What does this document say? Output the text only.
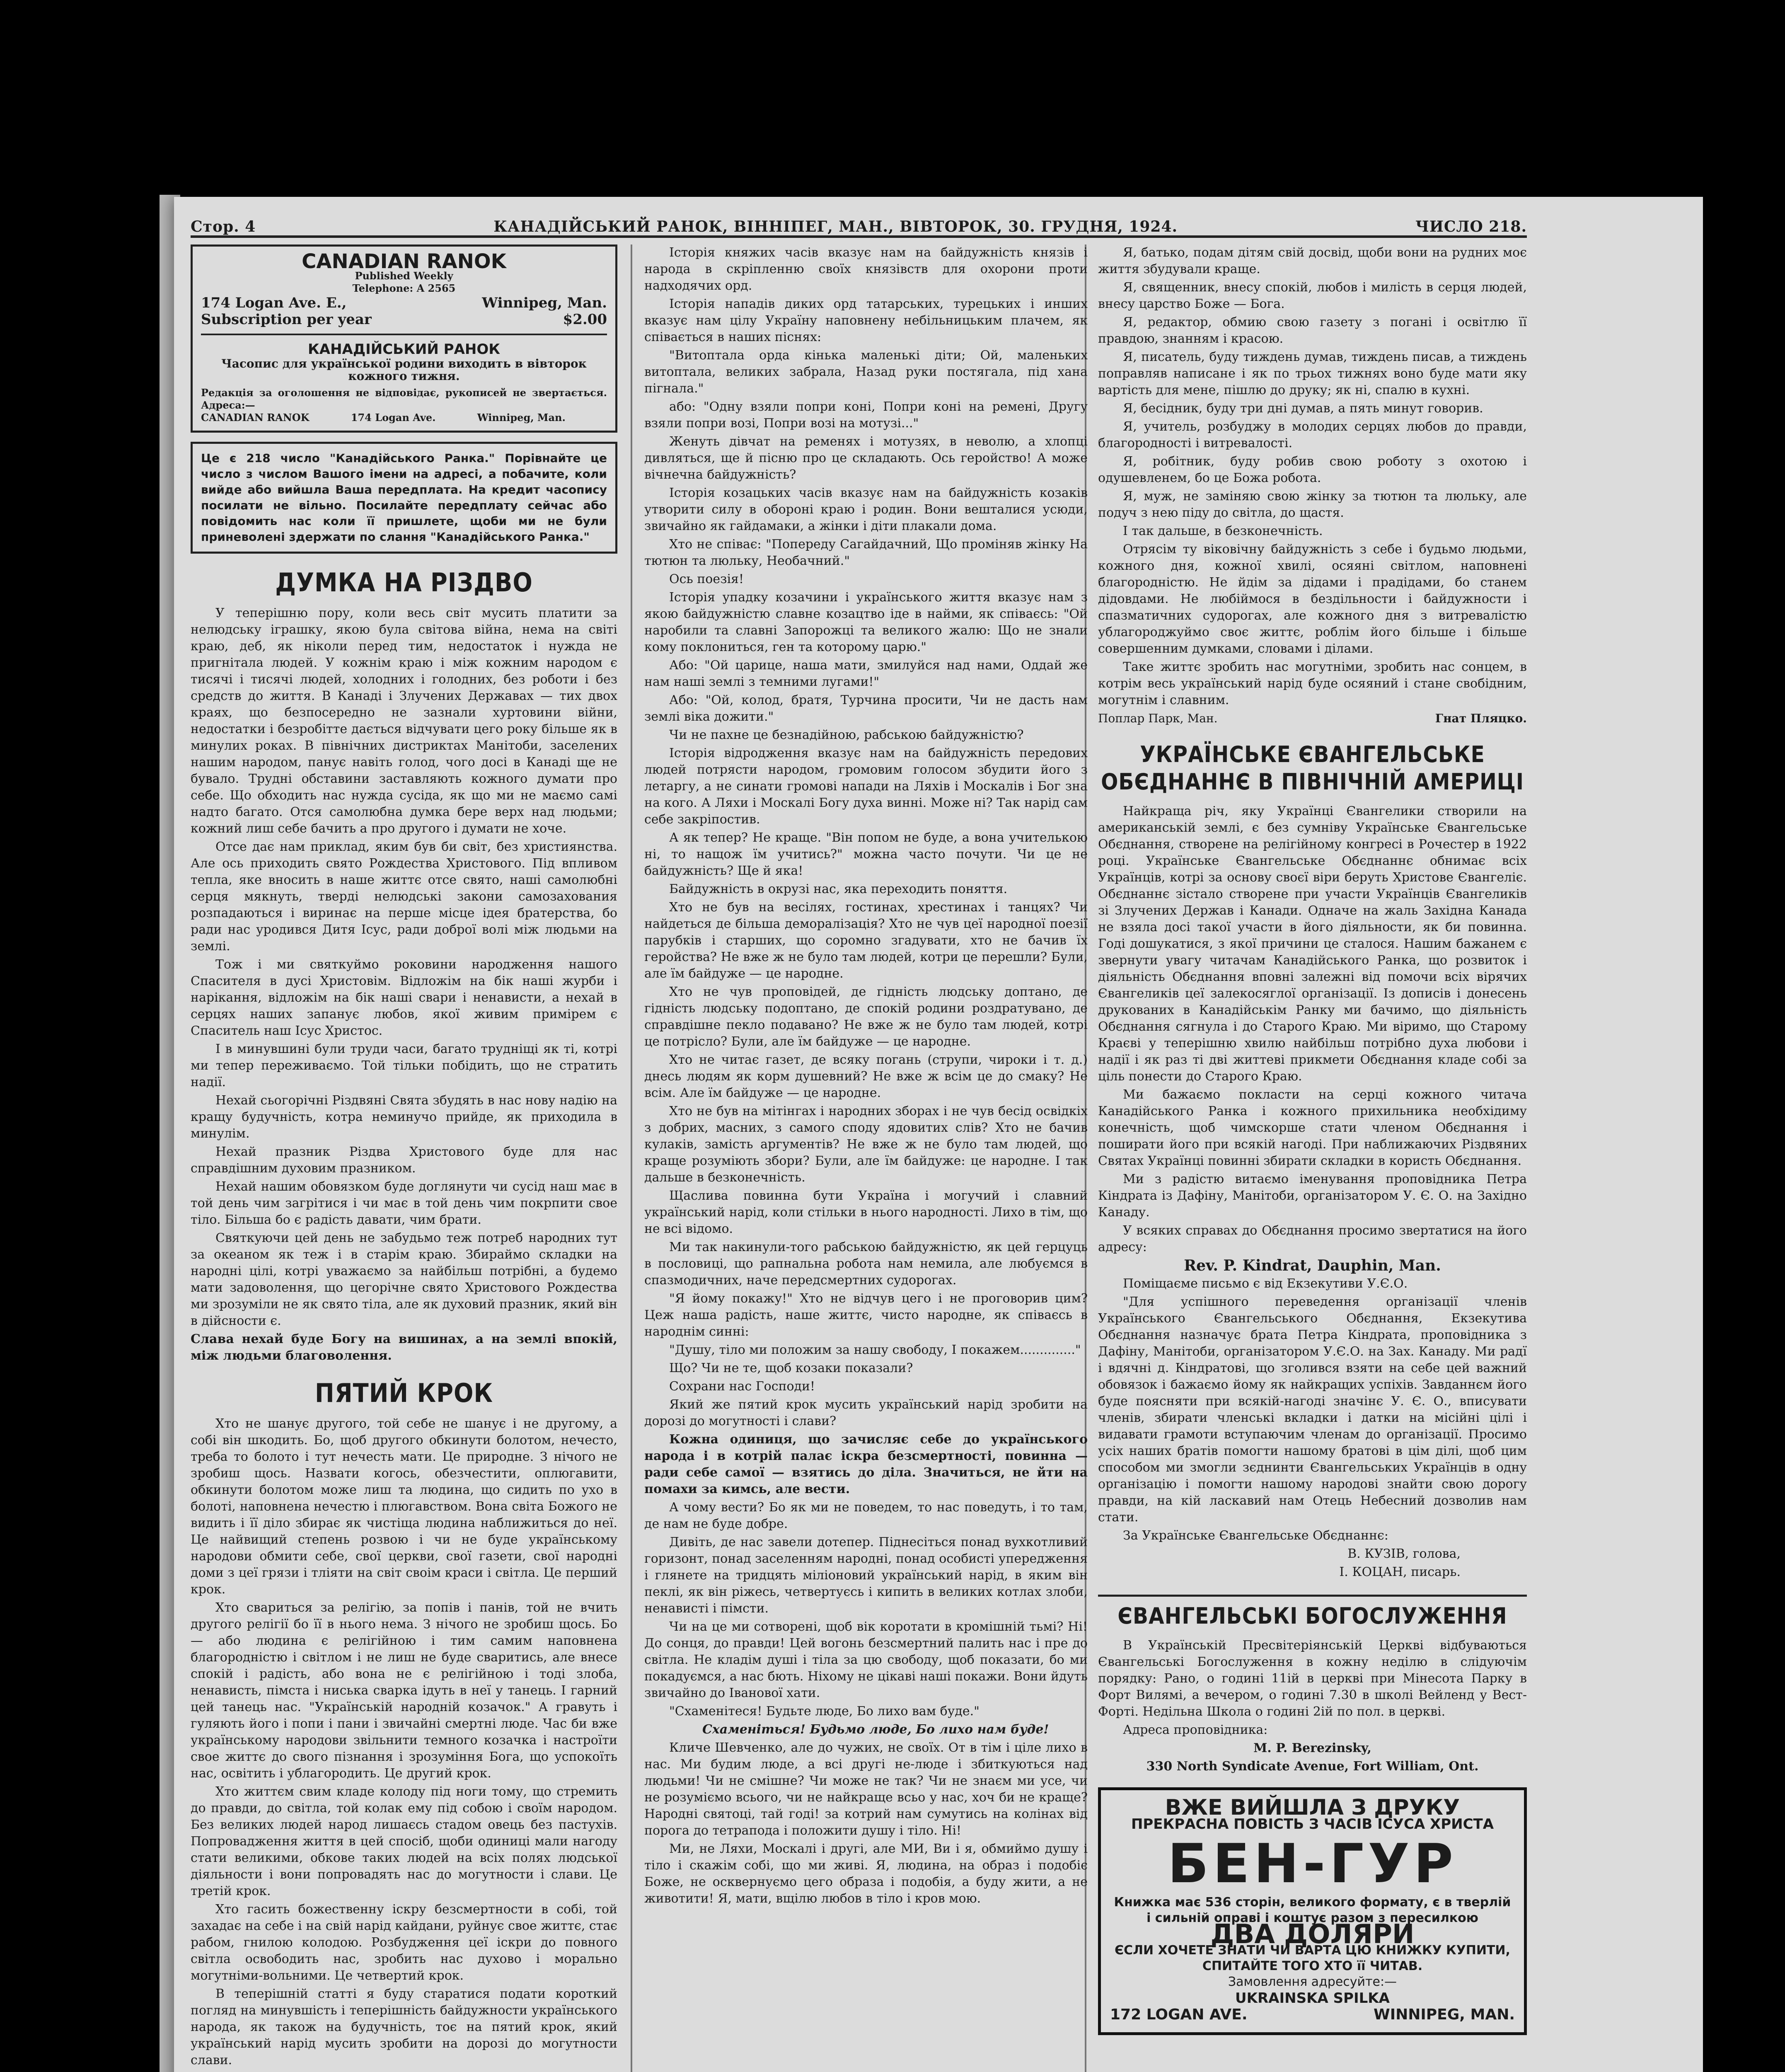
Стор. 4	КАНАДІЙСЬКИЙ РАНОК, ВІННІПЕГ, МАН., ВІВТОРОК, 30. ГРУДНЯ, 1924.	ЧИСЛО 218.
CANADIAN RANOK
Published Weekly
Telephone: A 2565
174 Logan Ave. E.,	Winnipeg, Man.
Subscription per year	$2.00
КАНАДІЙСЬКИЙ РАНОК
Часопис для української родини виходить в вівторок кожного тижня.
Редакція за оголошення не відповідає, рукописей не звертається. Адреса:—
CANADIAN RANOK            174 Logan Ave.            Winnipeg, Man.
Це є 218 число "Канадійського Ранка." Порівнайте це число з числом Вашого імени на адресі, а побачите, коли вийде або вийшла Ваша передплата. На кредит часопису посилати не вільно. Посилайте передплату сейчас або повідомить нас коли її пришлете, щоби ми не були приневолені здержати по слання "Канадійського Ранка."
ДУМКА НА РІЗДВО

У теперішню пору, коли весь світ мусить платити за нелюдську іграшку, якою була світова війна, нема на світі краю, деб, як ніколи перед тим, недостаток і нужда не пригнітала людей. У кожнім краю і між кожним народом є тисячі і тисячі людей, холодних і голодних, без роботи і без средств до життя. В Канаді і Злучених Державах — тих двох краях, що безпосередно не зазнали хуртовини війни, недостатки і безробітте дається відчувати цего року більше як в минулих роках. В північних дистриктах Манітоби, заселених нашим народом, панує навіть голод, чого досі в Канаді ще не бувало. Трудні обставини заставляють кожного думати про себе. Що обходить нас нужда сусіда, як що ми не маємо самі надто багато. Отся самолюбна думка бере верх над людьми; кожний лиш себе бачить а про другого і думати не хоче.

Отсе дає нам приклад, яким був би світ, без християнства. Але ось приходить свято Рождества Христового. Під впливом тепла, яке вносить в наше життє отсе свято, наші самолюбні серця мякнуть, тверді нелюдські закони самозахования розпадаються і виринає на перше місце ідея братерства, бо ради нас уродився Дитя Ісус, ради доброї волі між людьми на землі.

Тож і ми святкуймо роковини народження нашого Спасителя в дусі Христовім. Відложім на бік наші журби і нарікання, відложім на бік наші свари і ненависти, а нехай в серцях наших запанує любов, якої живим примірем є Спаситель наш Ісус Христос.

І в минувшині були труди часи, багато трудніщі як ті, котрі ми тепер переживаємо. Той тільки побідить, що не стратить надії.

Нехай сьогорічні Різдвяні Свята збудять в нас нову надію на кращу будучність, котра неминучо прийде, як приходила в минулім.

Нехай празник Різдва Христового буде для нас справдішним духовим празником.

Нехай нашим обовязком буде доглянути чи сусід наш має в той день чим загрітися і чи має в той день чим покрпити свое тіло. Більша бо є радість давати, чим брати.

Святкуючи цей день не забудьмо теж потреб народних тут за океаном як теж і в старім краю. Збираймо складки на народні цілі, котрі уважаємо за найбільш потрібні, а будемо мати задоволення, що цегорічне свято Христового Рождества ми зрозуміли не як свято тіла, але як духовий празник, який він в дійсности є.

Слава нехай буде Богу на вишинах, а на землі впокій, між людьми благоволення.

ПЯТИЙ КРОК

Хто не шанує другого, той себе не шанує і не другому, а собі він шкодить. Бо, щоб другого обкинути болотом, нечесто, треба то болото і тут нечесть мати. Це природне. З нічого не зробиш щось. Назвати когось, обезчестити, оплюгавити, обкинути болотом може лиш та людина, що сидить по ухо в болоті, наповнена нечестю і плюгавством. Вона світа Божого не видить і її діло збирає як чистіща людина наближиться до неї. Це найвищий степень розвою і чи не буде українському народови обмити себе, свої церкви, свої газети, свої народні доми з цеї грязи і тліяти на світ своім краси і світла. Це перший крок.

Хто свариться за релігію, за попів і панів, той не вчить другого релігії бо її в нього нема. З нічого не зробиш щось. Бо — або людина є релігійною і тим самим наповнена благородністю і світлом і не лиш не буде сваритись, але внесе спокій і радість, або вона не є релігійною і тоді злоба, ненависть, пімста і ниська сварка ідуть в неї у танець. І гарний цей танець нас. "Українській народній козачок." А гравуть і гуляють його і попи і пани і звичайні смертні люде. Час би вже українському народови звільнити темного козачка і настроїти свое життє до свого пізнання і зрозуміння Бога, що успокоїть нас, освітить і ублагородить. Це другий крок.

Хто життєм свим кладе колоду під ноги тому, що стремить до правди, до світла, той колак ему під собою і своїм народом. Без великих людей народ лишаєсь стадом овець без пастухів. Попровадження життя в цей спосіб, щоби одиниці мали нагоду стати великими, обкове таких людей на всіх полях людської діяльности і вони попровадять нас до могутности і слави. Це третій крок.

Хто гасить божественну іскру безсмертности в собі, той захадає на себе і на свій нарід кайдани, руйнує свое життє, стає рабом, гнилою колодою. Розбудження цеї іскри до повного світла освободить нас, зробить нас духово і морально могутніми-вольними. Це четвертий крок.

В теперішній статті я буду старатися подати короткий погляд на минувшість і теперішність байдужности українського народа, як також на будучність, тоє на пятий крок, який український нарід мусить зробити на дорозі до могутности слави.

Історія княжих часів вказує нам на байдужність князів і народа в скріпленню своїх князівств для охорони проти надходячих орд.

Історія нападів диких орд татарських, турецьких і инших вказує нам цілу Україну наповнену небільницьким плачем, як співається в наших піснях:

"Витоптала орда кінька маленькі діти; Ой, маленьких витоптала, великих забрала, Назад руки постягала, під хана пігнала."

або: "Одну взяли попри коні, Попри коні на ремені, Другу взяли попри возі, Попри возі на мотузі..."

Женуть дівчат на ременях і мотузях, в неволю, а хлопці дивляться, ще й пісню про це складають. Ось геройство! А може вічнечна байдужність?

Історія козацьких часів вказує нам на байдужність козаків утворити силу в обороні краю і родин. Вони вешталися усюди, звичайно як гайдамаки, а жінки і діти плакали дома.

Хто не співає: "Попереду Сагайдачний, Що проміняв жінку На тютюн та люльку, Необачний."

Ось поезія!

Історія упадку козачини і українського життя вказує нам з якою байдужністю славне козацтво іде в найми, як співаєсь: "Ой наробили та славні Запорожці та великого жалю: Що не знали кому поклониться, ген та которому царю."

Або: "Ой царице, наша мати, змилуйся над нами, Оддай же нам нашi землi з темними лугами!"

Або: "Ой, колод, братя, Турчина просити, Чи не дасть нам землі віка дожити."

Чи не пахне це безнадійною, рабською байдужністю?

Історія відродження вказує нам на байдужність передових людей потрясти народом, громовим голосом збудити його з летаргу, а не синати громові напади на Ляхів і Москалів і Бог зна на кого. А Ляхи і Москалі Богу духа винні. Може ні? Так нарід сам себе закріпостив.

А як тепер? Не краще. "Він попом не буде, а вона учителькою ні, то нащож їм учитись?" можна часто почути. Чи це не байдужність? Ще й яка!

Байдужність в окрузі нас, яка переходить поняття.

Хто не був на весілях, гостинах, хрестинах і танцях? Чи найдеться де більша деморалізація? Хто не чув цеї народної поезії парубків і старших, що соромно згадувати, хто не бачив їх геройства? Не вже ж не було там людей, котри це перешли? Були, але їм байдуже — це народне.

Хто не чув проповідей, де гідність людську доптано, де гідність людську подоптано, де спокій родини роздратувано, де справдішне пекло подавано? Не вже ж не було там людей, котрі це потрісло? Були, але їм байдуже — це народне.

Хто не читає газет, де всяку погань (струпи, чироки і т. д.) днесь людям як корм душевний? Не вже ж всім це до смаку? Не всім. Але їм байдуже — це народне.

Хто не був на мітінгах і народних зборах і не чув бесід освідкіх з добрих, масних, з самого споду ядовитих слів? Хто не бачив кулаків, замість аргументів? Не вже ж не було там людей, що краще розуміють збори? Були, але їм байдуже: це народне. І так дальше в безконечність.

Щаслива повинна бути Україна і могучий і славний український нарід, коли стільки в нього народності. Лихо в тім, що не всі відомо.

Ми так накинули-того рабською байдужністю, як цей герцуць в пословиці, що рапнальна робота нам немила, але любуємся в спазмодичних, наче передсмертних судорогах.

"Я йому покажу!" Хто не відчув цего і не проговорив цим? Цеж наша радість, наше життє, чисто народне, як співаєсь в народнім синні:

"Душу, тіло ми положим за нашу свободу, І покажем.............."

Що? Чи не те, щоб козаки показали?

Сохрани нас Господи!

Який же пятий крок мусить український нарід зробити на дорозі до могутності і слави?

Кожна одиниця, що зачисляє себе до українського народа і в котрій палає іскра безсмертності, повинна — ради себе самої — взятись до діла. Значиться, не йти на помахи за кимсь, але вести.

А чому вести? Бо як ми не поведем, то нас поведуть, і то там, де нам не буде добре.

Дивіть, де нас завели дотепер. Піднесіться понад вухкотливий горизонт, понад заселенням народні, понад особисті упередження і глянете на тридцять міліоновий український нарід, в яким він пеклі, як він ріжесь, четвертуєсь і кипить в великих котлах злоби, ненависті і пімсти.

Чи на це ми сотворені, щоб вік коротати в кромішній тьмі? Ні! До сонця, до правди! Цей вогонь безсмертний палить нас і пре до світла. Не кладім душі і тіла за цю свободу, щоб показати, бо ми покадуємся, а нас бють. Ніхому не цікаві наші покажи. Вони йдуть звичайно до Іванової хати.

"Схаменітеся! Будьте люде, Бо лихо вам буде."

Схаменіться! Будьмо люде, Бо лихо нам буде!

Кличе Шевченко, але до чужих, не своїх. От в тім і ціле лихо в нас. Ми будим люде, а всі другі не-люде і збиткуються над людьми! Чи не смішне? Чи може не так? Чи не знаєм ми усе, чи не розуміємо всього, чи не найкраще всьо у нас, хоч би не краще? Народні святоці, тай годі! за котрий нам сумутись на колінах від порога до тетрапода і положити душу і тіло. Ні!

Ми, не Ляхи, Москалі і другі, але МИ, Ви і я, обмиймо душу і тіло і скажім собі, що ми живі. Я, людина, на образ і подобіє Боже, не осквернуємо цего образа і подобія, а буду жити, а не животити! Я, мати, вщілю любов в тіло і кров мою.

Я, батько, подам дітям свій досвід, щоби вони на рудних моє життя збудували краще.

Я, священник, внесу спокій, любов і милість в серця людей, внесу царство Боже — Бога.

Я, редактор, обмию свою газету з погані і освітлю її правдою, знанням і красою.

Я, писатель, буду тиждень думав, тиждень писав, а тиждень поправляв написане і як по трьох тижнях воно буде мати яку вартість для мене, пішлю до друку; як ні, спалю в кухні.

Я, бесідник, буду три дні думав, а пять минут говорив.

Я, учитель, розбуджу в молодих серцях любов до правди, благородності і витревалості.

Я, робітник, буду робив свою роботу з охотою і одушевленем, бо це Божа робота.

Я, муж, не заміняю свою жінку за тютюн та люльку, але подуч з нею піду до світла, до щастя.

І так дальше, в безконечність.

Отрясім ту віковічну байдужність з себе і будьмо людьми, кожного дня, кожної хвилі, осяяні світлом, наповнені благородністю. Не йдім за дідами і прадідами, бо станем дідовдами. Не любіймося в бездільности і байдужности і спазматичних судорогах, але кожного дня з витревалістю ублагороджуймо своє життє, роблім його більше і більше совершенним думками, словами і ділами.

Таке життє зробить нас могутніми, зробить нас сонцем, в котрім весь український нарід буде осяяний і стане свобідним, могутнім і славним.

Поплар Парк, Ман.	Гнат Пляцко.
УКРАЇНСЬКЕ ЄВАНГЕЛЬСЬКЕ ОБЄДНАННЄ В ПІВНІЧНІЙ АМЕРИЦІ

Найкраща річ, яку Українці Євангелики створили на американській землі, є без сумніву Українське Євангельське Обєднання, створене на релігійному конгресі в Рочестер в 1922 році. Українське Євангельське Обєднаннє обнимає всіх Українців, котрі за основу своєї віри беруть Христове Євангеліє. Обєднаннє зістало створене при участи Українців Євангеликів зі Злучених Держав і Канади. Одначе на жаль Західна Канада не взяла досі такої участи в його діяльности, як би повинна. Годі дошукатися, з якої причини це сталося. Нашим бажанем є звернути увагу читачам Канадійського Ранка, що розвиток і діяльність Обєднання вповні залежні від помочи всіх вірячих Євангеликів цеї залекосяглої організації. Із дописів і донесень друкованих в Канадійськім Ранку ми бачимо, що діяльність Обєднання сягнула і до Старого Краю. Ми віримо, що Старому Краєві у теперішню хвилю найбільш потрібно духа любови і надії і як раз ті дві життеві прикмети Обєднання кладе собі за ціль понести до Старого Краю.

Ми бажаємо покласти на серці кожного читача Канадійського Ранка і кожного прихильника необхідиму конечність, щоб чимскорше стати членом Обєднання і поширати його при всякій нагоді. При наближаючих Різдвяних Святах Українці повинні збирати складки в користь Обєднання.

Ми з радістю витаємо іменування проповідника Петра Кіндрата із Дафіну, Манітоби, організатором У. Є. О. на Західно Канаду.

У всяких справах до Обєднання просимо звертатися на його адресу:

Rev. P. Kindrat, Dauphin, Man.

Поміщаєме письмо є від Екзекутиви У.Є.О.

"Для успішного переведення організації членів Українського Євангельського Обєднання, Екзекутива Обєднання назначує брата Петра Кіндрата, проповідника з Дафіну, Манітоби, організатором У.Є.О. на Зах. Канаду. Ми радї і вдячні д. Кіндратові, що зголився взяти на себе цей важний обовязок і бажаємо йому як найкращих успіхів. Завданнєм його буде поясняти при всякій-нагоді значінє У. Є. О., вписувати членів, збирати членські вкладки і датки на місійні цілі і видавати грамоти вступаючим членам до організації. Просимо усіх наших братів помогти нашому братові в цім ділі, щоб цим способом ми змогли зєднинти Євангельських Українців в одну організацію і помогти нашому народові знайти свою дорогу правди, на кій ласкавий нам Отець Небесний дозволив нам стати.

За Українське Євангельське Обєднаннє:

В. КУЗІВ, голова,

І. КОЦАН, писарь.

ЄВАНГЕЛЬСЬКІ БОГОСЛУЖЕННЯ

В Українській Пресвітеріянській Церкві відбуваються Євангельські Богослуження в кожну неділю в слідуючім порядку: Рано, о годині 11ій в церкві при Мінесота Парку в Форт Вилямі, а вечером, о годині 7.30 в школі Вейленд у Вест-Форті. Недільна Школа о годині 2ій по пол. в церкві.

Адреса проповідника:

M. P. Berezinsky,

330 North Syndicate Avenue, Fort William, Ont.

ВЖЕ ВИЙШЛА З ДРУКУ
ПРЕКРАСНА ПОВІСТЬ З ЧАСІВ ІСУСА ХРИСТА
БЕН-ГУР
Книжка має 536 сторін, великого формату, є в тверлій і сильній оправі і коштує разом з пересилкою
ДВА ДОЛЯРИ
ЄСЛИ ХОЧЕТЕ ЗНАТИ ЧИ ВАРТА ЦЮ КНИЖКУ КУПИТИ, СПИТАЙТЕ ТОГО ХТО її ЧИТАВ.
Замовлення адресуйте:—
UKRAINSKA SPILKA
172 LOGAN AVE.	WINNIPEG, MAN.
